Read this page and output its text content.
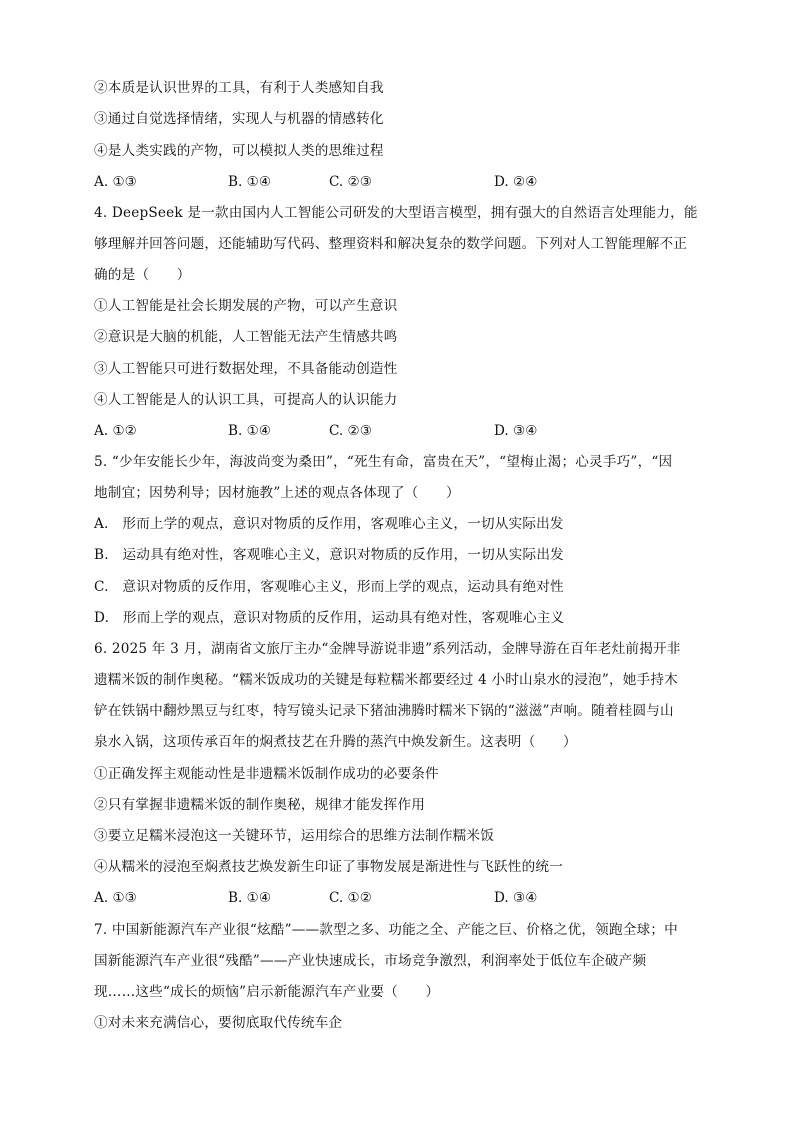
②本质是认识世界的工具，有利于人类感知自我
③通过自觉选择情绪，实现人与机器的情感转化
④是人类实践的产物，可以模拟人类的思维过程
A. ①③	B. ①④	C. ②③	D. ②④
4. DeepSeek 是一款由国内人工智能公司研发的大型语言模型，拥有强大的自然语言处理能力，能
够理解并回答问题，还能辅助写代码、整理资料和解决复杂的数学问题。下列对人工智能理解不正
确的是（　　）
①人工智能是社会长期发展的产物，可以产生意识
②意识是大脑的机能，人工智能无法产生情感共鸣
③人工智能只可进行数据处理，不具备能动创造性
④人工智能是人的认识工具，可提高人的认识能力
A. ①②	B. ①④	C. ②③	D. ③④
5. “少年安能长少年，海波尚变为桑田”，“死生有命，富贵在天”，“望梅止渴；心灵手巧”，“因
地制宜；因势利导；因材施教”上述的观点各体现了（　　）
A.　形而上学的观点，意识对物质的反作用，客观唯心主义，一切从实际出发
B.　运动具有绝对性，客观唯心主义，意识对物质的反作用，一切从实际出发
C.　意识对物质的反作用，客观唯心主义，形而上学的观点，运动具有绝对性
D.　形而上学的观点，意识对物质的反作用，运动具有绝对性，客观唯心主义
6. 2025 年 3 月，湖南省文旅厅主办“金牌导游说非遗”系列活动，金牌导游在百年老灶前揭开非
遗糯米饭的制作奥秘。“糯米饭成功的关键是每粒糯米都要经过 4 小时山泉水的浸泡”，她手持木
铲在铁锅中翻炒黑豆与红枣，特写镜头记录下猪油沸腾时糯米下锅的“滋滋”声响。随着桂圆与山
泉水入锅，这项传承百年的焖煮技艺在升腾的蒸汽中焕发新生。这表明（　　）
①正确发挥主观能动性是非遗糯米饭制作成功的必要条件
②只有掌握非遗糯米饭的制作奥秘，规律才能发挥作用
③要立足糯米浸泡这一关键环节，运用综合的思维方法制作糯米饭
④从糯米的浸泡至焖煮技艺焕发新生印证了事物发展是渐进性与飞跃性的统一
A. ①③	B. ①④	C. ①②	D. ③④
7. 中国新能源汽车产业很“炫酷”——款型之多、功能之全、产能之巨、价格之优，领跑全球；中
国新能源汽车产业很“残酷”——产业快速成长，市场竞争激烈，利润率处于低位车企破产频
现……这些“成长的烦恼”启示新能源汽车产业要（　　）
①对未来充满信心，要彻底取代传统车企
